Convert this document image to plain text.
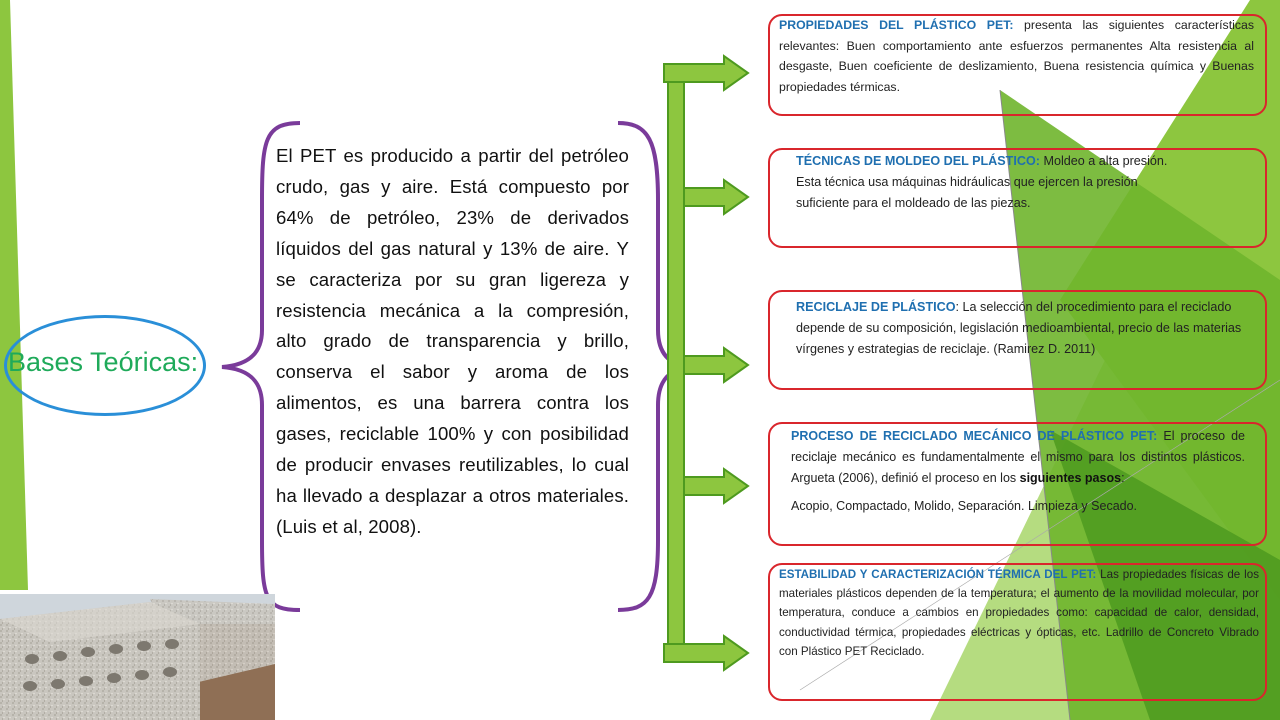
Bases Teóricas:
El PET es producido a partir del petróleo crudo, gas y aire. Está compuesto por 64% de petróleo, 23% de derivados líquidos del gas natural y 13% de aire. Y se caracteriza por su gran ligereza y resistencia mecánica a la compresión, alto grado de transparencia y brillo, conserva el sabor y aroma de los alimentos, es una barrera contra los gases, reciclable 100% y con posibilidad de producir envases reutilizables, lo cual ha llevado a desplazar a otros materiales. (Luis et al, 2008).
PROPIEDADES DEL PLÁSTICO PET: presenta las siguientes características relevantes: Buen comportamiento ante esfuerzos permanentes Alta resistencia al desgaste, Buen coeficiente de deslizamiento, Buena resistencia química y Buenas propiedades térmicas.
TÉCNICAS DE MOLDEO DEL PLÁSTICO: Moldeo a alta presión. Esta técnica usa máquinas hidráulicas que ejercen la presión suficiente para el moldeado de las piezas.
RECICLAJE DE PLÁSTICO: La selección del procedimiento para el reciclado depende de su composición, legislación medioambiental, precio de las materias vírgenes y estrategias de reciclaje. (Ramirez D. 2011)
PROCESO DE RECICLADO MECÁNICO DE PLÁSTICO PET: El proceso de reciclaje mecánico es fundamentalmente el mismo para los distintos plásticos. Argueta (2006), definió el proceso en los siguientes pasos:
Acopio, Compactado, Molido, Separación. Limpieza y Secado.
ESTABILIDAD Y CARACTERIZACIÓN TÉRMICA DEL PET: Las propiedades físicas de los materiales plásticos dependen de la temperatura; el aumento de la movilidad molecular, por temperatura, conduce a cambios en propiedades como: capacidad de calor, densidad, conductividad térmica, propiedades eléctricas y ópticas, etc. Ladrillo de Concreto Vibrado con Plástico PET Reciclado.
